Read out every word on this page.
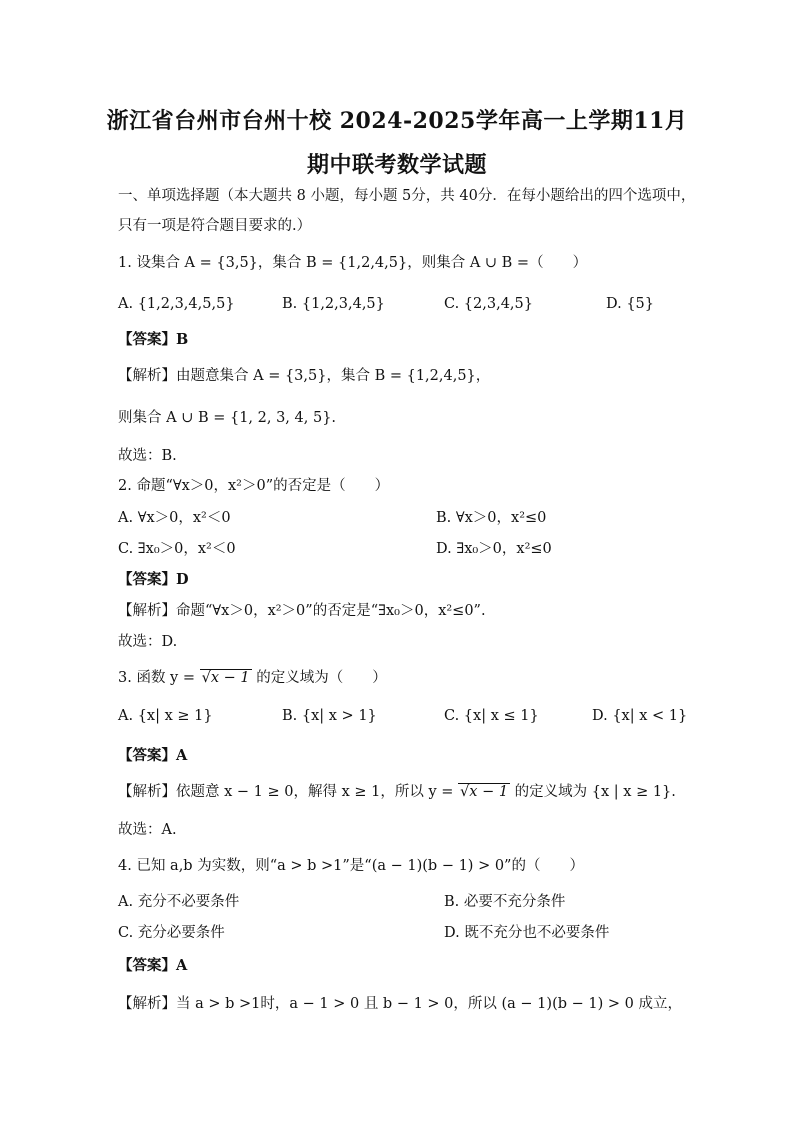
浙江省台州市台州十校 2024-2025学年高一上学期11月
期中联考数学试题
一、单项选择题（本大题共 8 小题，每小题 5分，共 40分．在每小题给出的四个选项中，
只有一项是符合题目要求的.）
1. 设集合 A = {3,5}，集合 B = {1,2,4,5}，则集合 A ∪ B =（　　）
A. {1,2,3,4,5,5}	B. {1,2,3,4,5}	C. {2,3,4,5}	D. {5}
【答案】B
【解析】由题意集合 A = {3,5}，集合 B = {1,2,4,5}，
则集合 A ∪ B = {1, 2, 3, 4, 5}.
故选：B.
2. 命题“∀x＞0，x²＞0”的否定是（　　）
A. ∀x＞0，x²＜0	B. ∀x＞0，x²≤0
C. ∃x₀＞0，x²＜0	D. ∃x₀＞0，x²≤0
【答案】D
【解析】命题“∀x＞0，x²＞0”的否定是“∃x₀＞0，x²≤0”.
故选：D.
3. 函数 y = √x − 1 的定义域为（　　）
A. {x| x ≥ 1}	B. {x| x > 1}	C. {x| x ≤ 1}	D. {x| x < 1}
【答案】A
【解析】依题意 x − 1 ≥ 0，解得 x ≥ 1，所以 y = √x − 1 的定义域为 {x | x ≥ 1}.
故选：A.
4. 已知 a,b 为实数，则“a > b >1”是“(a − 1)(b − 1) > 0”的（　　）
A. 充分不必要条件	B. 必要不充分条件
C. 充分必要条件	D. 既不充分也不必要条件
【答案】A
【解析】当 a > b >1时，a − 1 > 0 且 b − 1 > 0，所以 (a − 1)(b − 1) > 0 成立，
